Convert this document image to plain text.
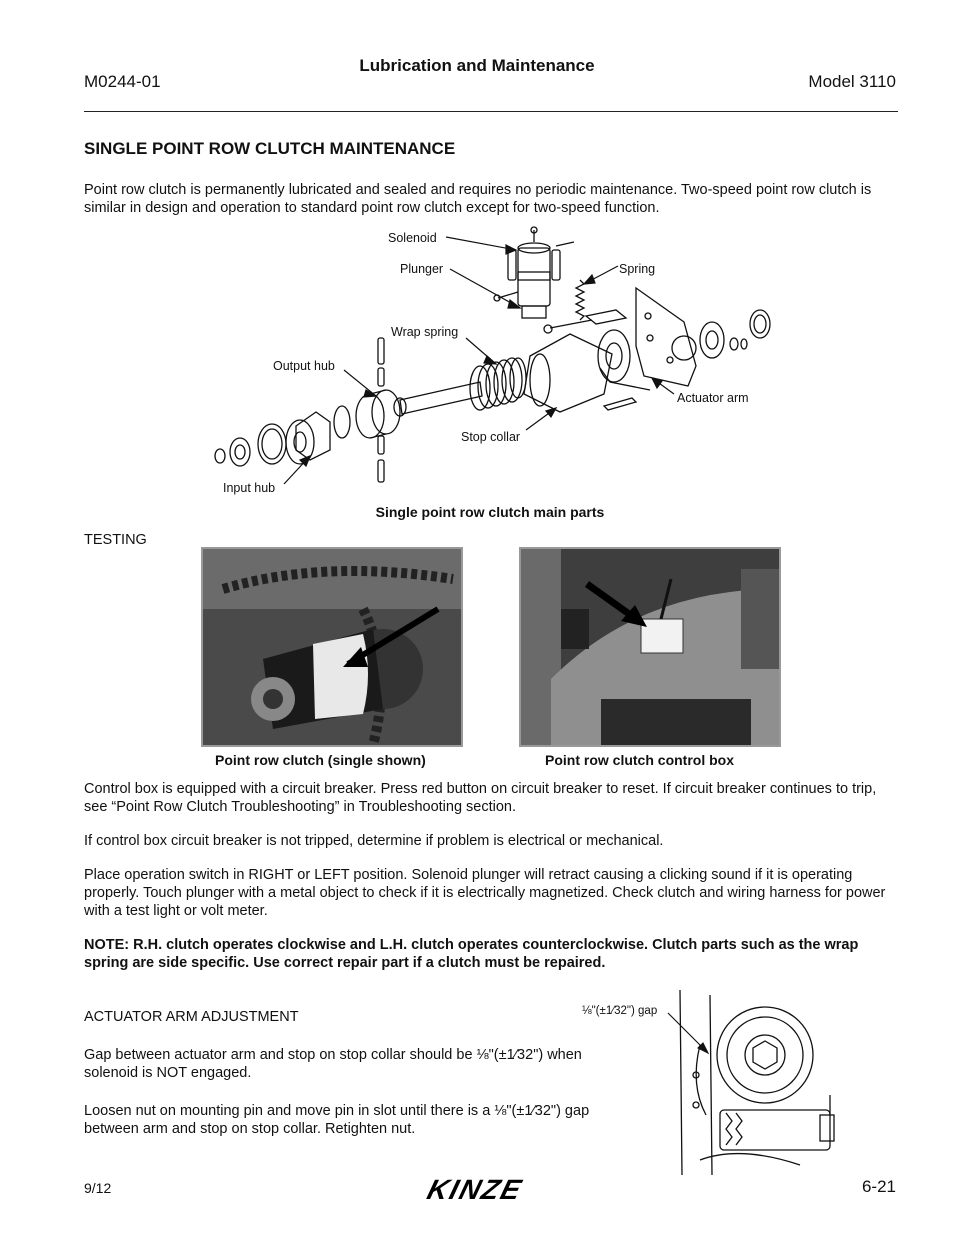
Lubrication and Maintenance
M0244-01	Model 3110
SINGLE POINT ROW CLUTCH MAINTENANCE
Point row clutch is permanently lubricated and sealed and requires no periodic maintenance. Two-speed point row clutch is similar in design and operation to standard point row clutch except for two-speed function.
Solenoid
Plunger	Spring
Wrap spring
Output hub
Actuator arm
Stop collar
Input hub
Single point row clutch main parts
TESTING
Point row clutch (single shown)	Point row clutch control box
Control box is equipped with a circuit breaker. Press red button on circuit breaker to reset. If circuit breaker continues to trip, see “Point Row Clutch Troubleshooting” in Troubleshooting section.
If control box circuit breaker is not tripped, determine if problem is electrical or mechanical.
Place operation switch in RIGHT or LEFT position. Solenoid plunger will retract causing a clicking sound if it is operating properly. Touch plunger with a metal object to check if it is electrically magnetized. Check clutch and wiring harness for power with a test light or volt meter.
NOTE: R.H. clutch operates clockwise and L.H. clutch operates counterclockwise. Clutch parts such as the wrap spring are side specific. Use correct repair part if a clutch must be repaired.
ACTUATOR ARM ADJUSTMENT
Gap between actuator arm and stop on stop collar should be ⅛"(±1⁄32") when solenoid is NOT engaged.
Loosen nut on mounting pin and move pin in slot until there is a ⅛"(±1⁄32") gap between arm and stop on stop collar. Retighten nut.
⅛"(±1⁄32") gap
9/12	KINZE	6-21
